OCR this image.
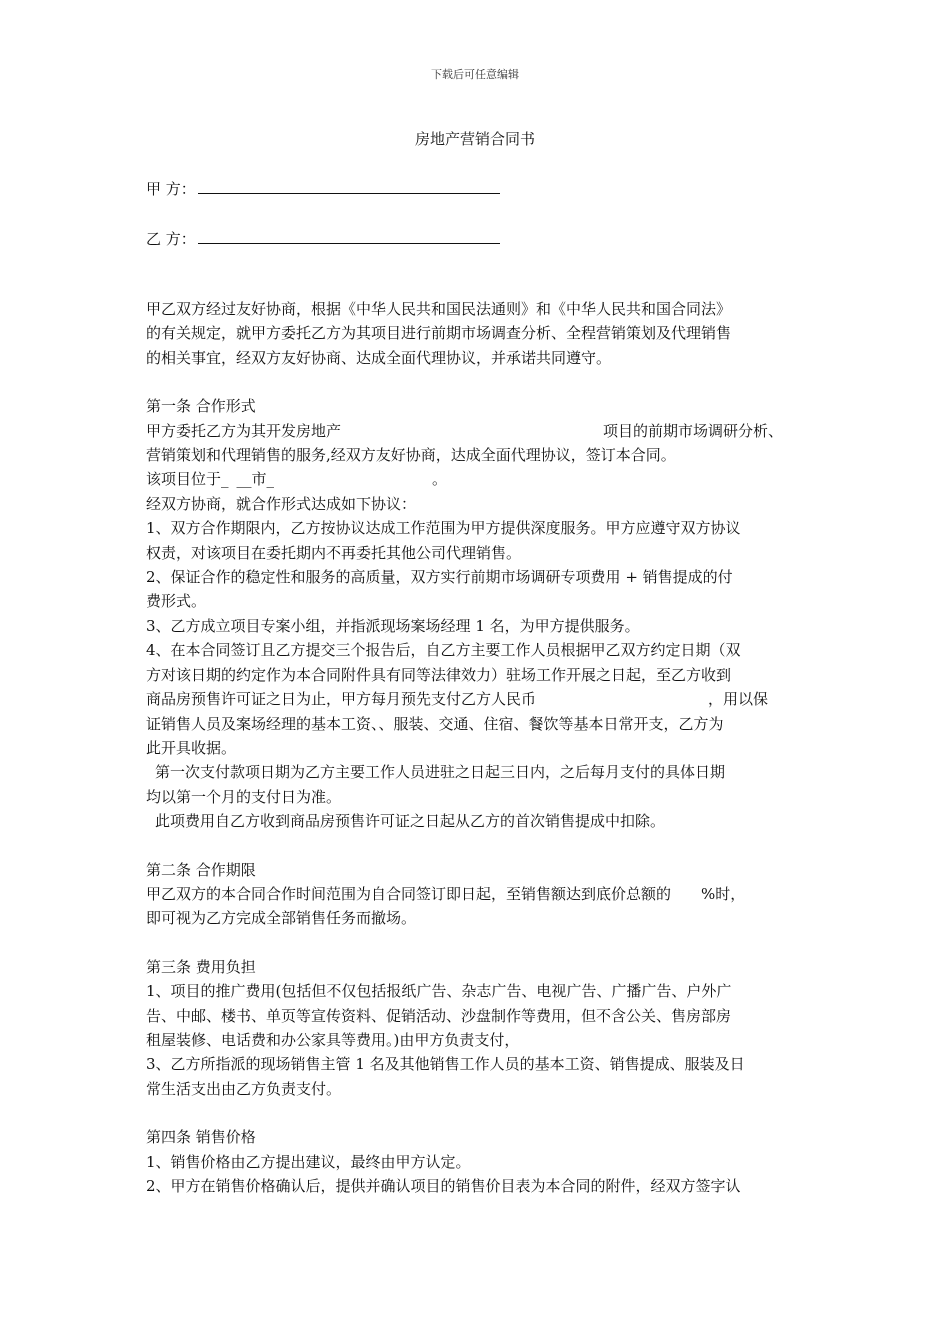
下载后可任意编辑
房地产营销合同书
甲 方：
乙 方：

甲乙双方经过友好协商，根据《中华人民共和国民法通则》和《中华人民共和国合同法》

的有关规定，就甲方委托乙方为其项目进行前期市场调查分析、全程营销策划及代理销售

的相关事宜，经双方友好协商、达成全面代理协议，并承诺共同遵守。

第一条 合作形式

甲方委托乙方为其开发房地产	项目的前期市场调研分析、

营销策划和代理销售的服务,经双方友好协商，达成全面代理协议，签订本合同。

该项目位于_ __市_	。

经双方协商，就合作形式达成如下协议：

1、双方合作期限内，乙方按协议达成工作范围为甲方提供深度服务。甲方应遵守双方协议

权责，对该项目在委托期内不再委托其他公司代理销售。

2、保证合作的稳定性和服务的高质量，双方实行前期市场调研专项费用 + 销售提成的付

费形式。

3、乙方成立项目专案小组，并指派现场案场经理 1 名，为甲方提供服务。

4、在本合同签订且乙方提交三个报告后，自乙方主要工作人员根据甲乙双方约定日期（双

方对该日期的约定作为本合同附件具有同等法律效力）驻场工作开展之日起，至乙方收到

商品房预售许可证之日为止，甲方每月预先支付乙方人民币	，用以保

证销售人员及案场经理的基本工资、、服装、交通、住宿、餐饮等基本日常开支，乙方为

此开具收据。

第一次支付款项日期为乙方主要工作人员进驻之日起三日内，之后每月支付的具体日期

均以第一个月的支付日为准。

此项费用自乙方收到商品房预售许可证之日起从乙方的首次销售提成中扣除。

第二条 合作期限

甲乙双方的本合同合作时间范围为自合同签订即日起，至销售额达到底价总额的 %时，

即可视为乙方完成全部销售任务而撤场。

第三条 费用负担

1、项目的推广费用(包括但不仅包括报纸广告、杂志广告、电视广告、广播广告、户外广

告、中邮、楼书、单页等宣传资料、促销活动、沙盘制作等费用，但不含公关、售房部房

租屋装修、电话费和办公家具等费用。)由甲方负责支付，

3、乙方所指派的现场销售主管 1 名及其他销售工作人员的基本工资、销售提成、服装及日

常生活支出由乙方负责支付。

第四条 销售价格

1、销售价格由乙方提出建议，最终由甲方认定。

2、甲方在销售价格确认后，提供并确认项目的销售价目表为本合同的附件，经双方签字认
